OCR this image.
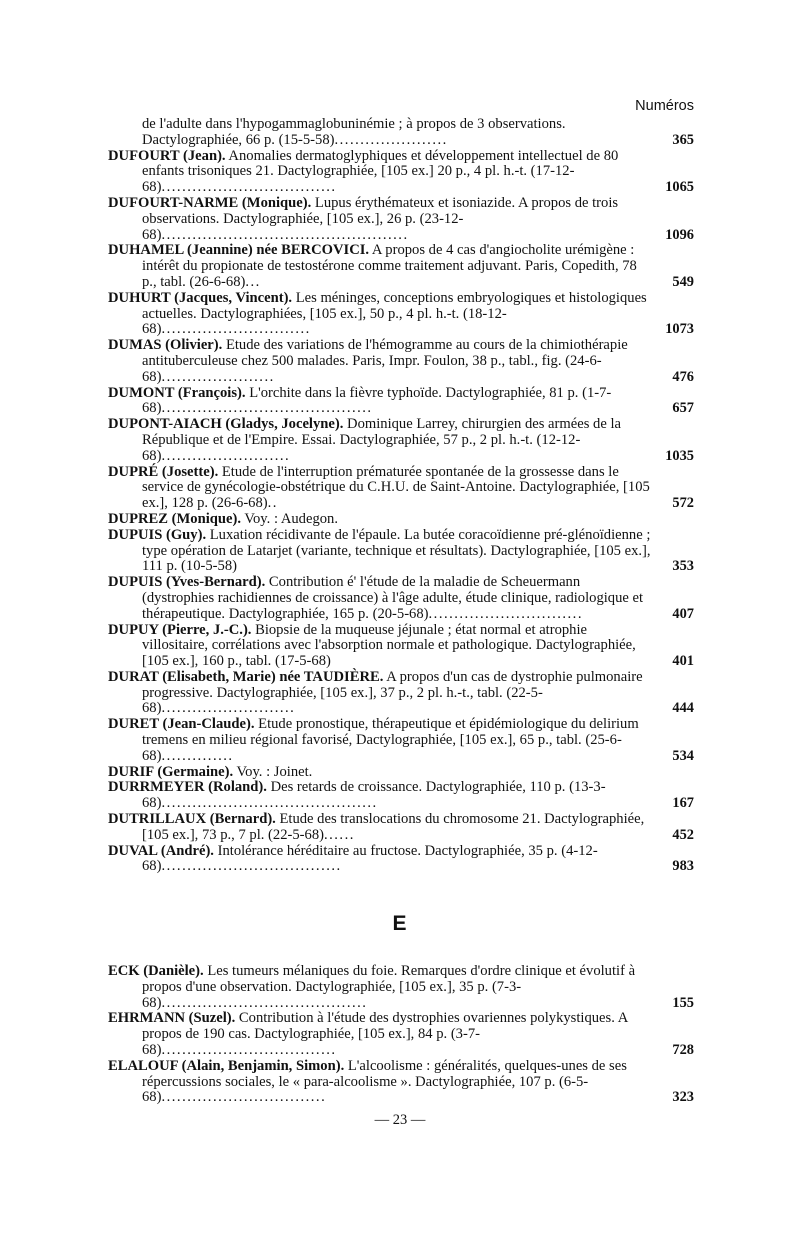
Numéros
de l'adulte dans l'hypogammaglobuninémie ; à propos de 3 observations. Dactylographiée, 66 p. (15-5-58)......................	365
DUFOURT (Jean). Anomalies dermatoglyphiques et développement intellectuel de 80 enfants trisoniques 21. Dactylographiée, [105 ex.] 20 p., 4 pl. h.-t. (17-12-68)..................................	1065
DUFOURT-NARME (Monique). Lupus érythémateux et isoniazide. A propos de trois observations. Dactylographiée, [105 ex.], 26 p. (23-12-68)................................................	1096
DUHAMEL (Jeannine) née BERCOVICI. A propos de 4 cas d'angiocholite urémigène : intérêt du propionate de testostérone comme traitement adjuvant. Paris, Copedith, 78 p., tabl. (26-6-68)...	549
DUHURT (Jacques, Vincent). Les méninges, conceptions embryologiques et histologiques actuelles. Dactylographiées, [105 ex.], 50 p., 4 pl. h.-t. (18-12-68).............................	1073
DUMAS (Olivier). Etude des variations de l'hémogramme au cours de la chimiothérapie antituberculeuse chez 500 malades. Paris, Impr. Foulon, 38 p., tabl., fig. (24-6-68)......................	476
DUMONT (François). L'orchite dans la fièvre typhoïde. Dactylographiée, 81 p. (1-7-68).........................................	657
DUPONT-AIACH (Gladys, Jocelyne). Dominique Larrey, chirurgien des armées de la République et de l'Empire. Essai. Dactylographiée, 57 p., 2 pl. h.-t. (12-12-68).........................	1035
DUPRÉ (Josette). Etude de l'interruption prématurée spontanée de la grossesse dans le service de gynécologie-obstétrique du C.H.U. de Saint-Antoine. Dactylographiée, [105 ex.], 128 p. (26-6-68)..	572
DUPREZ (Monique). Voy. : Audegon.
DUPUIS (Guy). Luxation récidivante de l'épaule. La butée coracoïdienne pré-glénoïdienne ; type opération de Latarjet (variante, technique et résultats). Dactylographiée, [105 ex.], 111 p. (10-5-58)	353
DUPUIS (Yves-Bernard). Contribution é' l'étude de la maladie de Scheuermann (dystrophies rachidiennes de croissance) à l'âge adulte, étude clinique, radiologique et thérapeutique. Dactylographiée, 165 p. (20-5-68)..............................	407
DUPUY (Pierre, J.-C.). Biopsie de la muqueuse jéjunale ; état normal et atrophie villositaire, corrélations avec l'absorption normale et pathologique. Dactylographiée, [105 ex.], 160 p., tabl. (17-5-68)	401
DURAT (Elisabeth, Marie) née TAUDIÈRE. A propos d'un cas de dystrophie pulmonaire progressive. Dactylographiée, [105 ex.], 37 p., 2 pl. h.-t., tabl. (22-5-68)..........................	444
DURET (Jean-Claude). Etude pronostique, thérapeutique et épidémiologique du delirium tremens en milieu régional favorisé, Dactylographiée, [105 ex.], 65 p., tabl. (25-6-68)..............	534
DURIF (Germaine). Voy. : Joinet.
DURRMEYER (Roland). Des retards de croissance. Dactylographiée, 110 p. (13-3-68)..........................................	167
DUTRILLAUX (Bernard). Etude des translocations du chromosome 21. Dactylographiée, [105 ex.], 73 p., 7 pl. (22-5-68)......	452
DUVAL (André). Intolérance héréditaire au fructose. Dactylographiée, 35 p. (4-12-68)...................................	983
E
ECK (Danièle). Les tumeurs mélaniques du foie. Remarques d'ordre clinique et évolutif à propos d'une observation. Dactylographiée, [105 ex.], 35 p. (7-3-68)........................................	155
EHRMANN (Suzel). Contribution à l'étude des dystrophies ovariennes polykystiques. A propos de 190 cas. Dactylographiée, [105 ex.], 84 p. (3-7-68)..................................	728
ELALOUF (Alain, Benjamin, Simon). L'alcoolisme : généralités, quelques-unes de ses répercussions sociales, le « para-alcoolisme ». Dactylographiée, 107 p. (6-5-68)................................	323
— 23 —
